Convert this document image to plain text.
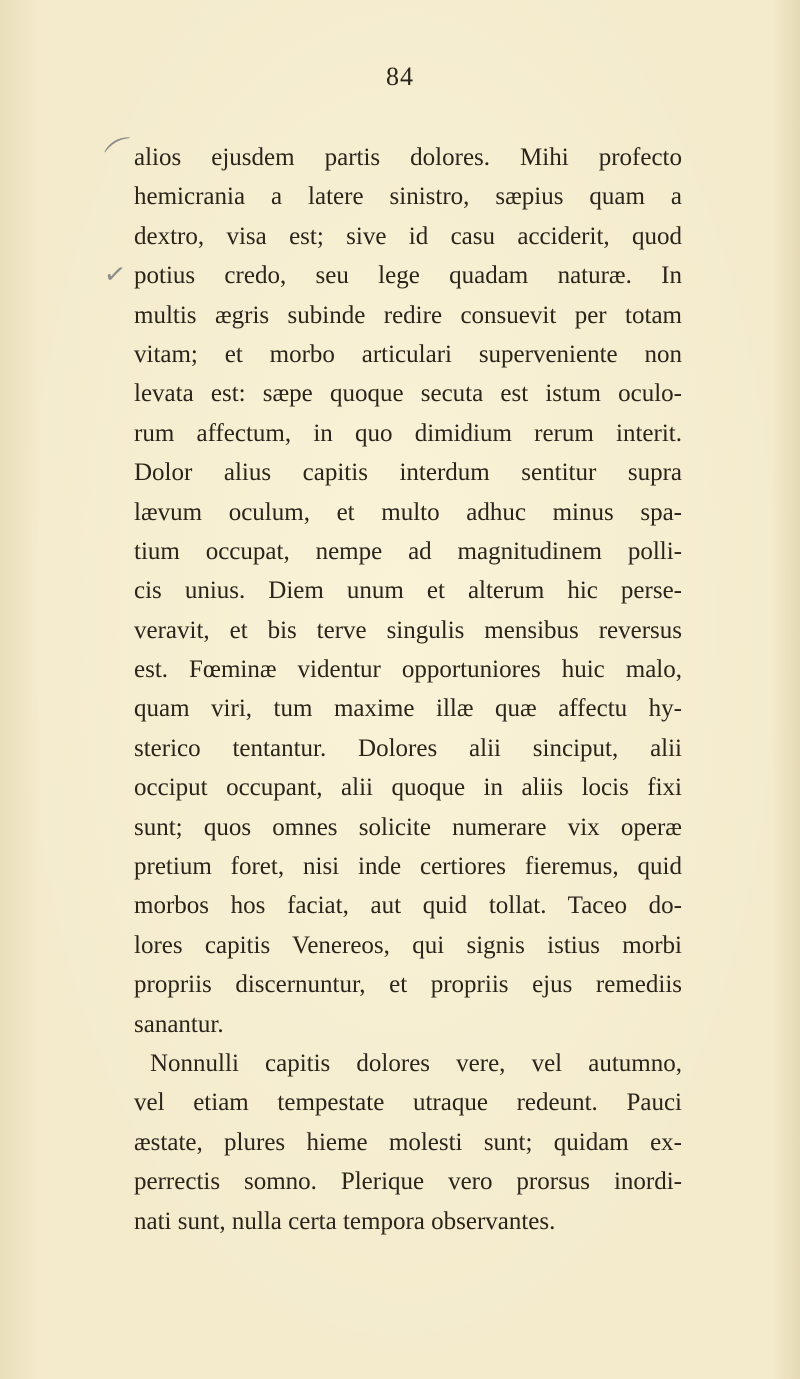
84
⌒
✓
alios ejusdem partis dolores. Mihi profecto
hemicrania a latere sinistro, sæpius quam a
dextro, visa est; sive id casu acciderit, quod
potius credo, seu lege quadam naturæ. In
multis ægris subinde redire consuevit per totam
vitam; et morbo articulari superveniente non
levata est: sæpe quoque secuta est istum oculo-
rum affectum, in quo dimidium rerum interit.
Dolor alius capitis interdum sentitur supra
lævum oculum, et multo adhuc minus spa-
tium occupat, nempe ad magnitudinem polli-
cis unius. Diem unum et alterum hic perse-
veravit, et bis terve singulis mensibus reversus
est. Fœminæ videntur opportuniores huic malo,
quam viri, tum maxime illæ quæ affectu hy-
sterico tentantur. Dolores alii sinciput, alii
occiput occupant, alii quoque in aliis locis fixi
sunt; quos omnes solicite numerare vix operæ
pretium foret, nisi inde certiores fieremus, quid
morbos hos faciat, aut quid tollat. Taceo do-
lores capitis Venereos, qui signis istius morbi
propriis discernuntur, et propriis ejus remediis
sanantur.
Nonnulli capitis dolores vere, vel autumno,
vel etiam tempestate utraque redeunt. Pauci
æstate, plures hieme molesti sunt; quidam ex-
perrectis somno. Plerique vero prorsus inordi-
nati sunt, nulla certa tempora observantes.
